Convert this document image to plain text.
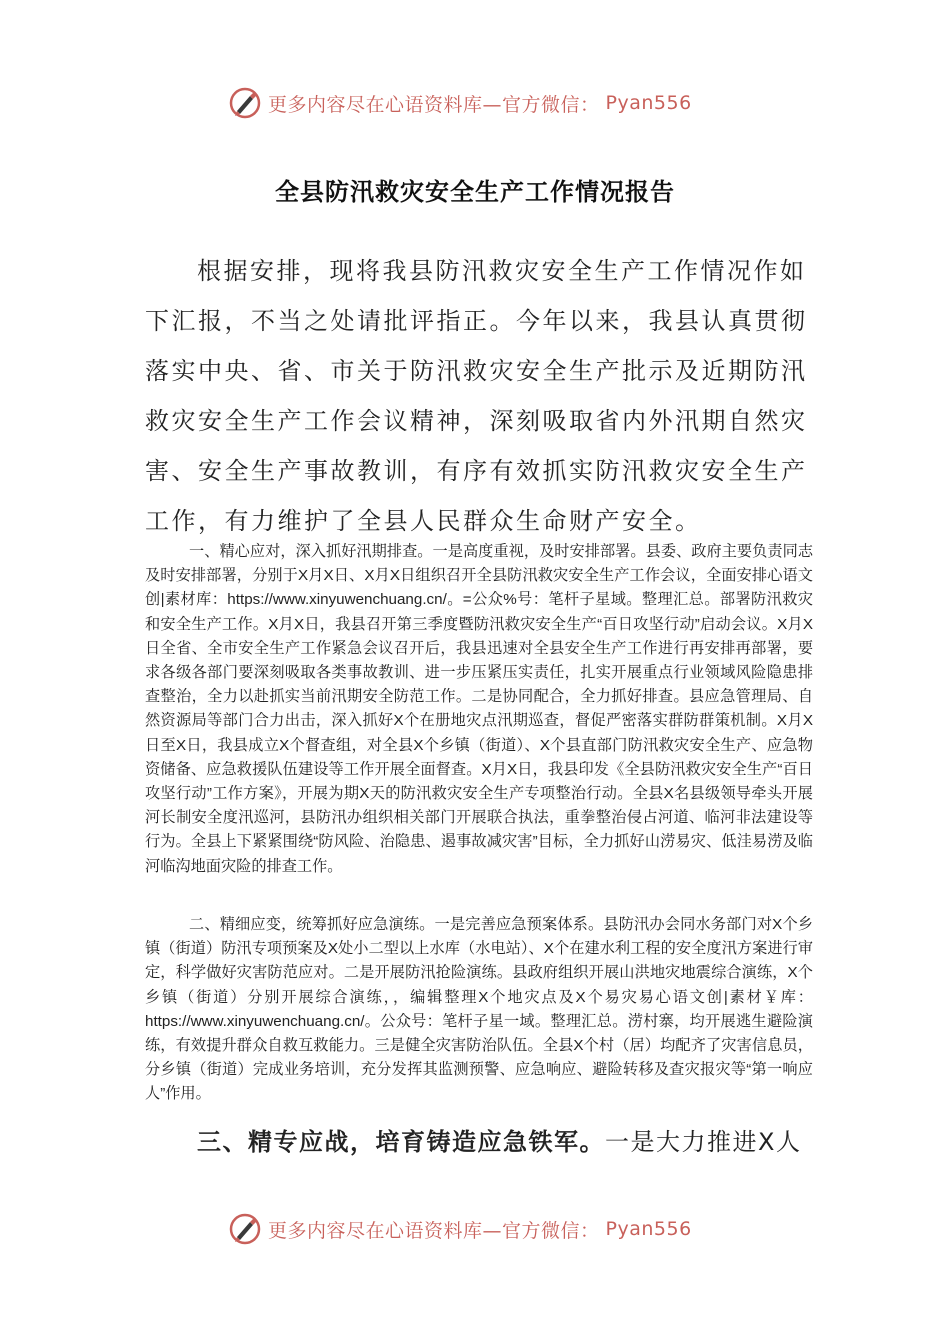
更多内容尽在心语资料库—官方微信： Pyan556
全县防汛救灾安全生产工作情况报告

根据安排，现将我县防汛救灾安全生产工作情况作如下汇报，不当之处请批评指正。今年以来，我县认真贯彻落实中央、省、市关于防汛救灾安全生产批示及近期防汛救灾安全生产工作会议精神，深刻吸取省内外汛期自然灾害、安全生产事故教训，有序有效抓实防汛救灾安全生产工作，有力维护了全县人民群众生命财产安全。

一、精心应对，深入抓好汛期排查。一是高度重视，及时安排部署。县委、政府主要负责同志及时安排部署，分别于X月X日、X月X日组织召开全县防汛救灾安全生产工作会议，全面安排心语文创|素材库：https://www.xinyuwenchuang.cn/。=公众%号：笔杆子星域。整理汇总。部署防汛救灾和安全生产工作。X月X日，我县召开第三季度暨防汛救灾安全生产“百日攻坚行动”启动会议。X月X日全省、全市安全生产工作紧急会议召开后，我县迅速对全县安全生产工作进行再安排再部署，要求各级各部门要深刻吸取各类事故教训、进一步压紧压实责任，扎实开展重点行业领域风险隐患排查整治，全力以赴抓实当前汛期安全防范工作。二是协同配合，全力抓好排查。县应急管理局、自然资源局等部门合力出击，深入抓好X个在册地灾点汛期巡查，督促严密落实群防群策机制。X月X日至X日，我县成立X个督查组，对全县X个乡镇（街道）、X个县直部门防汛救灾安全生产、应急物资储备、应急救援队伍建设等工作开展全面督查。X月X日，我县印发《全县防汛救灾安全生产“百日攻坚行动”工作方案》，开展为期X天的防汛救灾安全生产专项整治行动。全县X名县级领导牵头开展河长制安全度汛巡河，县防汛办组织相关部门开展联合执法，重拳整治侵占河道、临河非法建设等行为。全县上下紧紧围绕“防风险、治隐患、遏事故减灾害”目标，全力抓好山涝易灾、低洼易涝及临河临沟地面灾险的排查工作。

二、精细应变，统筹抓好应急演练。一是完善应急预案体系。县防汛办会同水务部门对X个乡镇（街道）防汛专项预案及X处小二型以上水库（水电站）、X个在建水利工程的安全度汛方案进行审定，科学做好灾害防范应对。二是开展防汛抢险演练。县政府组织开展山洪地灾地震综合演练，X个乡镇（街道）分别开展综合演练，，编辑整理X个地灾点及X个易灾易心语文创|素材￥库：https://www.xinyuwenchuang.cn/。公众号：笔杆子星一域。整理汇总。涝村寨，均开展逃生避险演练，有效提升群众自救互救能力。三是健全灾害防治队伍。全县X个村（居）均配齐了灾害信息员，分乡镇（街道）完成业务培训，充分发挥其监测预警、应急响应、避险转移及查灾报灾等“第一响应人”作用。

三、精专应战，培育铸造应急铁军。一是大力推进X人

更多内容尽在心语资料库—官方微信： Pyan556
